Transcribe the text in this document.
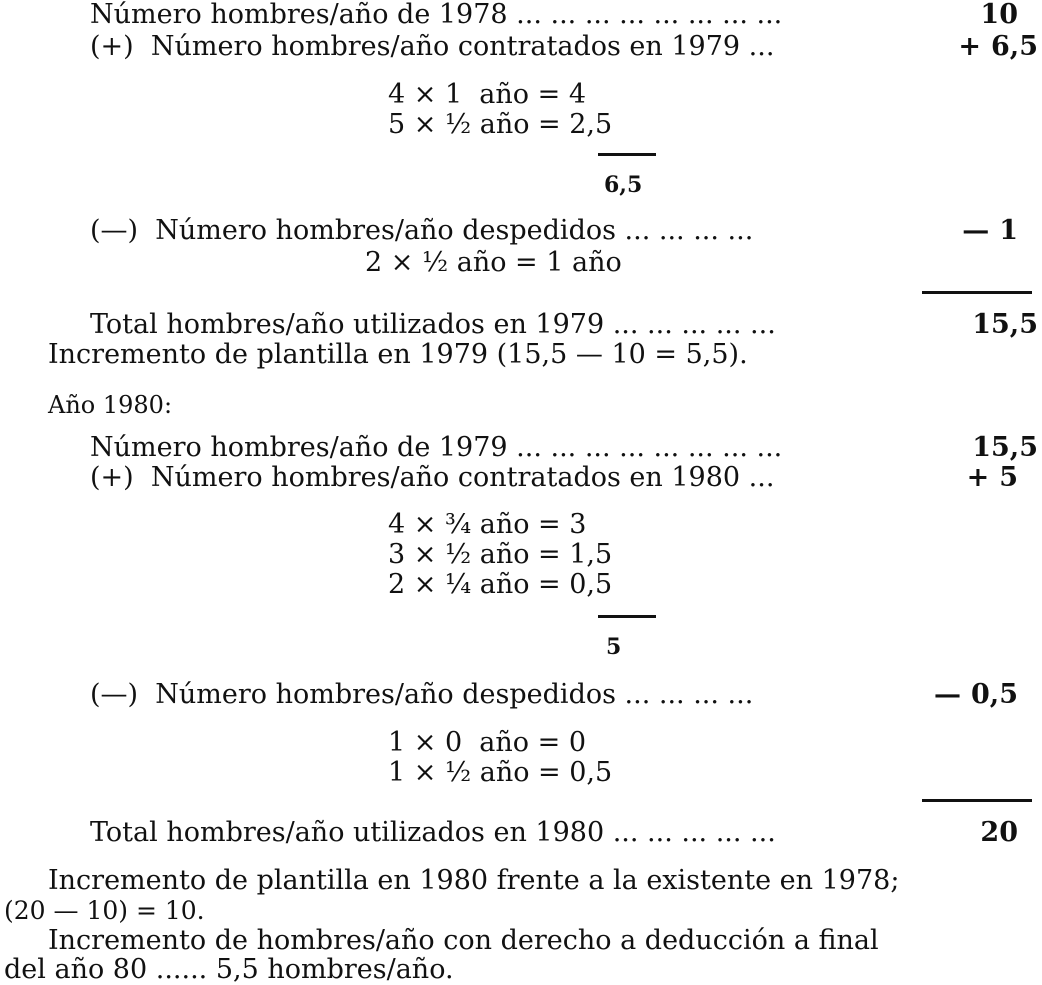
Número hombres/año de 1978 ... ... ... ... ... ... ... ...	10
(+)  Número hombres/año contratados en 1979 ...	+ 6,5
4 × 1  año = 4
5 × ½ año = 2,5
6,5
(—)  Número hombres/año despedidos ... ... ... ...	— 1
2 × ½ año = 1 año
Total hombres/año utilizados en 1979 ... ... ... ... ...	15,5
Incremento de plantilla en 1979 (15,5 — 10 = 5,5).
Año 1980:
Número hombres/año de 1979 ... ... ... ... ... ... ... ...	15,5
(+)  Número hombres/año contratados en 1980 ...	+ 5
4 × ¾ año = 3
3 × ½ año = 1,5
2 × ¼ año = 0,5
5
(—)  Número hombres/año despedidos ... ... ... ...	— 0,5
1 × 0  año = 0
1 × ½ año = 0,5
Total hombres/año utilizados en 1980 ... ... ... ... ...	20
Incremento de plantilla en 1980 frente a la existente en 1978;
(20 — 10) = 10.
Incremento de hombres/año con derecho a deducción a final
del año 80 ...... 5,5 hombres/año.
